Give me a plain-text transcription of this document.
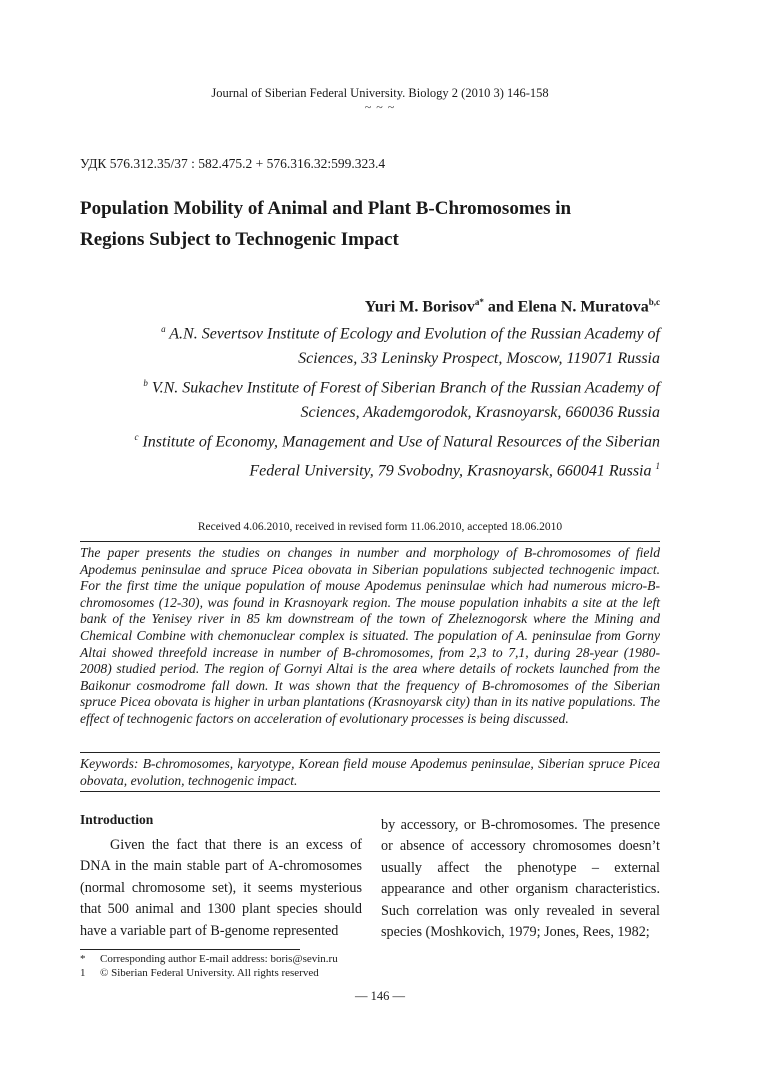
Journal of Siberian Federal University. Biology 2 (2010 3) 146-158
~ ~ ~
УДК 576.312.35/37 : 582.475.2 + 576.316.32:599.323.4
Population Mobility of Animal and Plant B-Chromosomes in Regions Subject to Technogenic Impact
Yuri M. Borisov$^{a*}$ and Elena N. Muratova$^{b,c}$
$^a$ A.N. Severtsov Institute of Ecology and Evolution of the Russian Academy of Sciences, 33 Leninsky Prospect, Moscow, 119071 Russia
$^b$ V.N. Sukachev Institute of Forest of Siberian Branch of the Russian Academy of Sciences, Akademgorodok, Krasnoyarsk, 660036 Russia
$^c$ Institute of Economy, Management and Use of Natural Resources of the Siberian Federal University, 79 Svobodny, Krasnoyarsk, 660041 Russia $^1$
Received 4.06.2010, received in revised form 11.06.2010, accepted 18.06.2010
The paper presents the studies on changes in number and morphology of B-chromosomes of field Apodemus peninsulae and spruce Picea obovata in Siberian populations subjected technogenic impact. For the first time the unique population of mouse Apodemus peninsulae which had numerous micro-B-chromosomes (12-30), was found in Krasnoyark region. The mouse population inhabits a site at the left bank of the Yenisey river in 85 km downstream of the town of Zheleznogorsk where the Mining and Chemical Combine with chemonuclear complex is situated. The population of A. peninsulae from Gorny Altai showed threefold increase in number of B-chromosomes, from 2,3 to 7,1, during 28-year (1980-2008) studied period. The region of Gornyi Altai is the area where details of rockets launched from the Baikonur cosmodrome fall down. It was shown that the frequency of B-chromosomes of the Siberian spruce Picea obovata is higher in urban plantations (Krasnoyarsk city) than in its native populations. The effect of technogenic factors on acceleration of evolutionary processes is being discussed.
Keywords: B-chromosomes, karyotype, Korean field mouse Apodemus peninsulae, Siberian spruce Picea obovata, evolution, technogenic impact.
Introduction
Given the fact that there is an excess of DNA in the main stable part of A-chromosomes (normal chromosome set), it seems mysterious that 500 animal and 1300 plant species should have a variable part of B-genome represented
by accessory, or B-chromosomes. The presence or absence of accessory chromosomes doesn’t usually affect the phenotype – external appearance and other organism characteristics. Such correlation was only revealed in several species (Moshkovich, 1979; Jones, Rees, 1982;
*	Corresponding author E-mail address: boris@sevin.ru
1	© Siberian Federal University. All rights reserved
— 146 —
